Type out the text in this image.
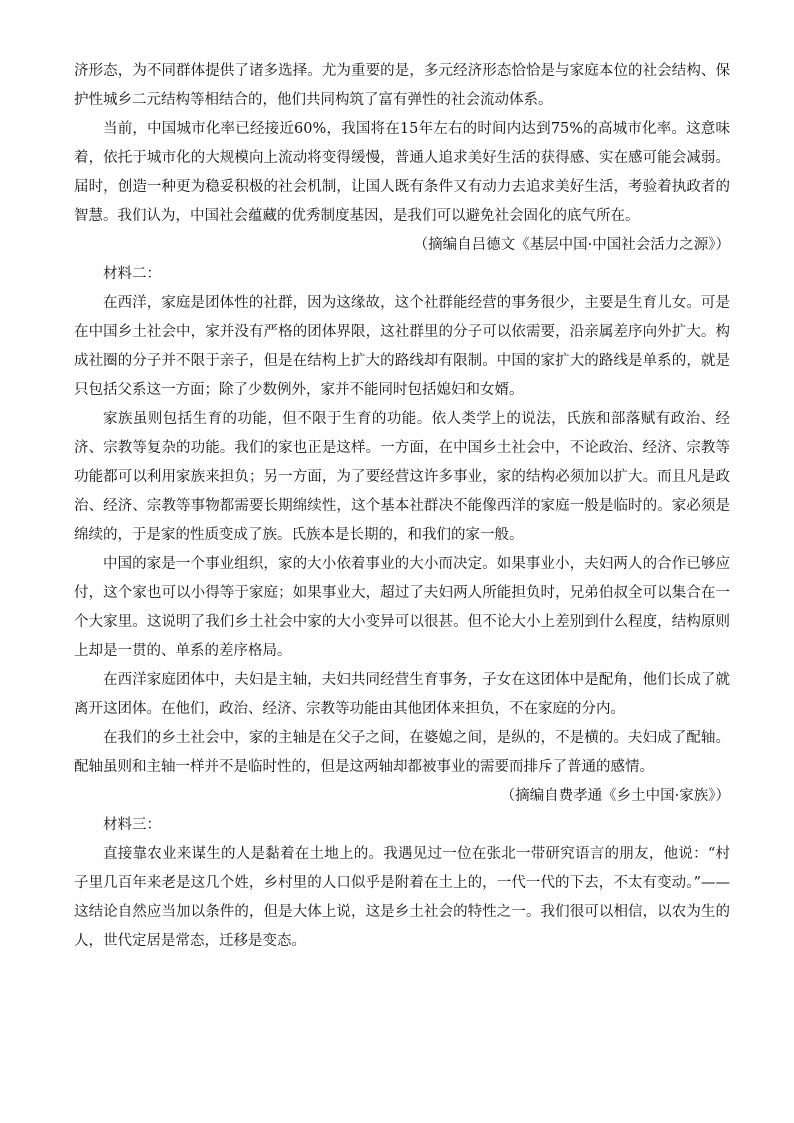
济形态，为不同群体提供了诸多选择。尤为重要的是，多元经济形态恰恰是与家庭本位的社会结构、保护性城乡二元结构等相结合的，他们共同构筑了富有弹性的社会流动体系。

当前，中国城市化率已经接近60%，我国将在15年左右的时间内达到75%的高城市化率。这意味着，依托于城市化的大规模向上流动将变得缓慢，普通人追求美好生活的获得感、实在感可能会减弱。届时，创造一种更为稳妥积极的社会机制，让国人既有条件又有动力去追求美好生活，考验着执政者的智慧。我们认为，中国社会蕴藏的优秀制度基因，是我们可以避免社会固化的底气所在。

（摘编自吕德文《基层中国·中国社会活力之源》）

材料二：

在西洋，家庭是团体性的社群，因为这缘故，这个社群能经营的事务很少，主要是生育儿女。可是在中国乡土社会中，家并没有严格的团体界限，这社群里的分子可以依需要，沿亲属差序向外扩大。构成社圈的分子并不限于亲子，但是在结构上扩大的路线却有限制。中国的家扩大的路线是单系的，就是只包括父系这一方面；除了少数例外，家并不能同时包括媳妇和女婿。

家族虽则包括生育的功能，但不限于生育的功能。依人类学上的说法，氏族和部落赋有政治、经济、宗教等复杂的功能。我们的家也正是这样。一方面，在中国乡土社会中，不论政治、经济、宗教等功能都可以利用家族来担负；另一方面，为了要经营这许多事业，家的结构必须加以扩大。而且凡是政治、经济、宗教等事物都需要长期绵续性，这个基本社群决不能像西洋的家庭一般是临时的。家必须是绵续的，于是家的性质变成了族。氏族本是长期的，和我们的家一般。

中国的家是一个事业组织，家的大小依着事业的大小而决定。如果事业小，夫妇两人的合作已够应付，这个家也可以小得等于家庭；如果事业大，超过了夫妇两人所能担负时，兄弟伯叔全可以集合在一个大家里。这说明了我们乡土社会中家的大小变异可以很甚。但不论大小上差别到什么程度，结构原则上却是一贯的、单系的差序格局。

在西洋家庭团体中，夫妇是主轴，夫妇共同经营生育事务，子女在这团体中是配角，他们长成了就离开这团体。在他们，政治、经济、宗教等功能由其他团体来担负，不在家庭的分内。

在我们的乡土社会中，家的主轴是在父子之间，在婆媳之间，是纵的，不是横的。夫妇成了配轴。配轴虽则和主轴一样并不是临时性的，但是这两轴却都被事业的需要而排斥了普通的感情。

（摘编自费孝通《乡土中国·家族》）

材料三：

直接靠农业来谋生的人是黏着在土地上的。我遇见过一位在张北一带研究语言的朋友，他说：“村子里几百年来老是这几个姓，乡村里的人口似乎是附着在土上的，一代一代的下去，不太有变动。”——这结论自然应当加以条件的，但是大体上说，这是乡土社会的特性之一。我们很可以相信，以农为生的人，世代定居是常态，迁移是变态。
